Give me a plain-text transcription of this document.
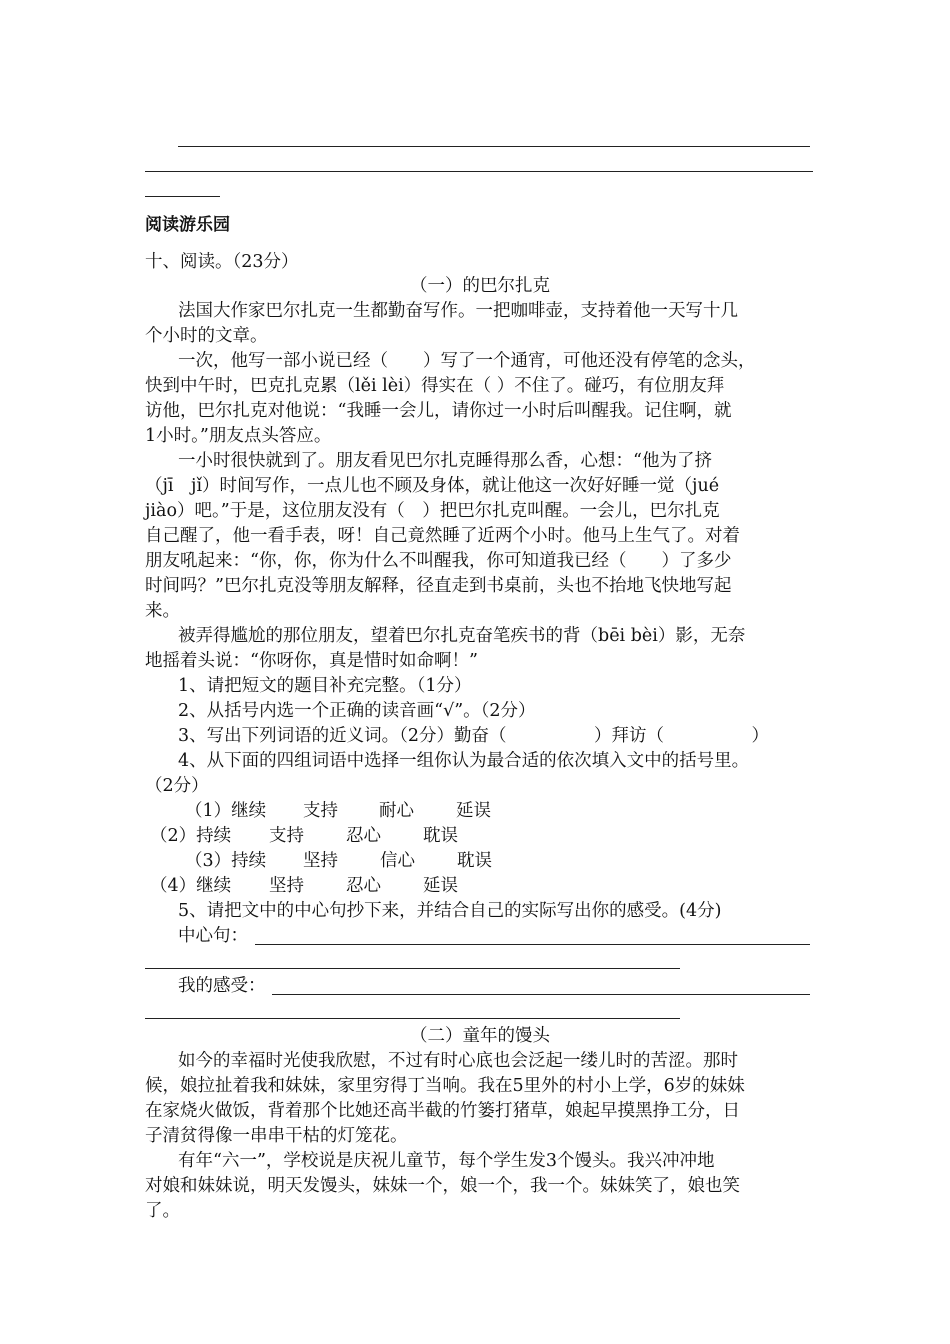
阅读游乐园
十、阅读。（23分）
（一）的巴尔扎克
法国大作家巴尔扎克一生都勤奋写作。一把咖啡壶，支持着他一天写十几
个小时的文章。
一次，他写一部小说已经（　　）写了一个通宵，可他还没有停笔的念头，
快到中午时，巴克扎克累（lěi lèi）得实在（ ）不住了。碰巧，有位朋友拜
访他，巴尔扎克对他说：“我睡一会儿，请你过一小时后叫醒我。记住啊，就
1小时。”朋友点头答应。
一小时很快就到了。朋友看见巴尔扎克睡得那么香，心想：“他为了挤
（jī　jǐ）时间写作，一点儿也不顾及身体，就让他这一次好好睡一觉（jué
jiào）吧。”于是，这位朋友没有（　）把巴尔扎克叫醒。一会儿，巴尔扎克
自己醒了，他一看手表，呀！自己竟然睡了近两个小时。他马上生气了。对着
朋友吼起来：“你，你，你为什么不叫醒我，你可知道我已经（　　）了多少
时间吗？”巴尔扎克没等朋友解释，径直走到书桌前，头也不抬地飞快地写起
来。
被弄得尴尬的那位朋友，望着巴尔扎克奋笔疾书的背（bēi bèi）影，无奈
地摇着头说：“你呀你，真是惜时如命啊！”
1、请把短文的题目补充完整。（1分）
2、从括号内选一个正确的读音画“√”。（2分）
3、写出下列词语的近义词。（2分）勤奋（　　　　　）拜访（　　　　　）
4、从下面的四组词语中选择一组你认为最合适的依次填入文中的括号里。
（2分）
（1）继续 支持 耐心 延误
（2）持续 支持 忍心 耽误
（3）持续 坚持 信心 耽误
（4）继续 坚持 忍心 延误
5、请把文中的中心句抄下来，并结合自己的实际写出你的感受。(4分)
中心句：
我的感受：
（二）童年的馒头
如今的幸福时光使我欣慰，不过有时心底也会泛起一缕儿时的苦涩。那时
候，娘拉扯着我和妹妹，家里穷得丁当响。我在5里外的村小上学，6岁的妹妹
在家烧火做饭，背着那个比她还高半截的竹篓打猪草，娘起早摸黑挣工分，日
子清贫得像一串串干枯的灯笼花。
有年“六一”，学校说是庆祝儿童节，每个学生发3个馒头。我兴冲冲地
对娘和妹妹说，明天发馒头，妹妹一个，娘一个，我一个。妹妹笑了，娘也笑
了。
